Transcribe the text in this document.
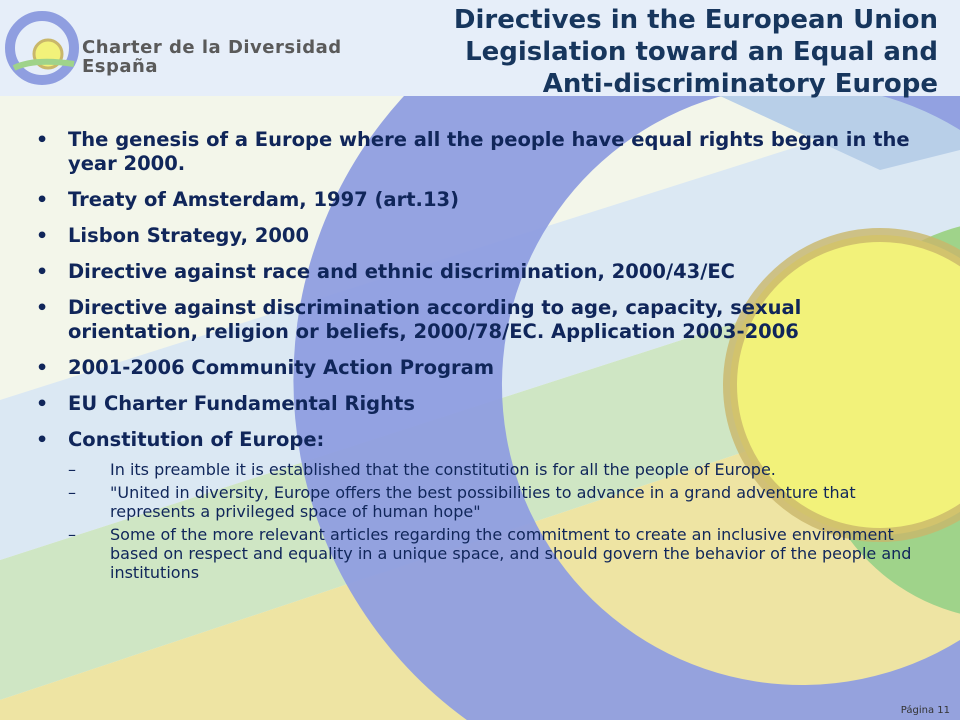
Charter de la Diversidad
España
Directives in the European Union
Legislation toward an Equal and
Anti-discriminatory Europe
• The genesis of a Europe where all the people have equal rights began in the year 2000.
• Treaty of Amsterdam, 1997 (art.13)
• Lisbon Strategy, 2000
• Directive against race and ethnic discrimination, 2000/43/EC
• Directive against discrimination according to age, capacity, sexual orientation, religion or beliefs, 2000/78/EC. Application 2003-2006
• 2001-2006 Community Action Program
• EU Charter Fundamental Rights
• Constitution of Europe:
– In its preamble it is established that the constitution is for all the people of Europe.
– "United in diversity, Europe offers the best possibilities to advance in a grand adventure that represents a privileged space of human hope"
– Some of the more relevant articles regarding the commitment to create an inclusive environment based on respect and equality in a unique space, and should govern the behavior of the people and institutions
Página 11
